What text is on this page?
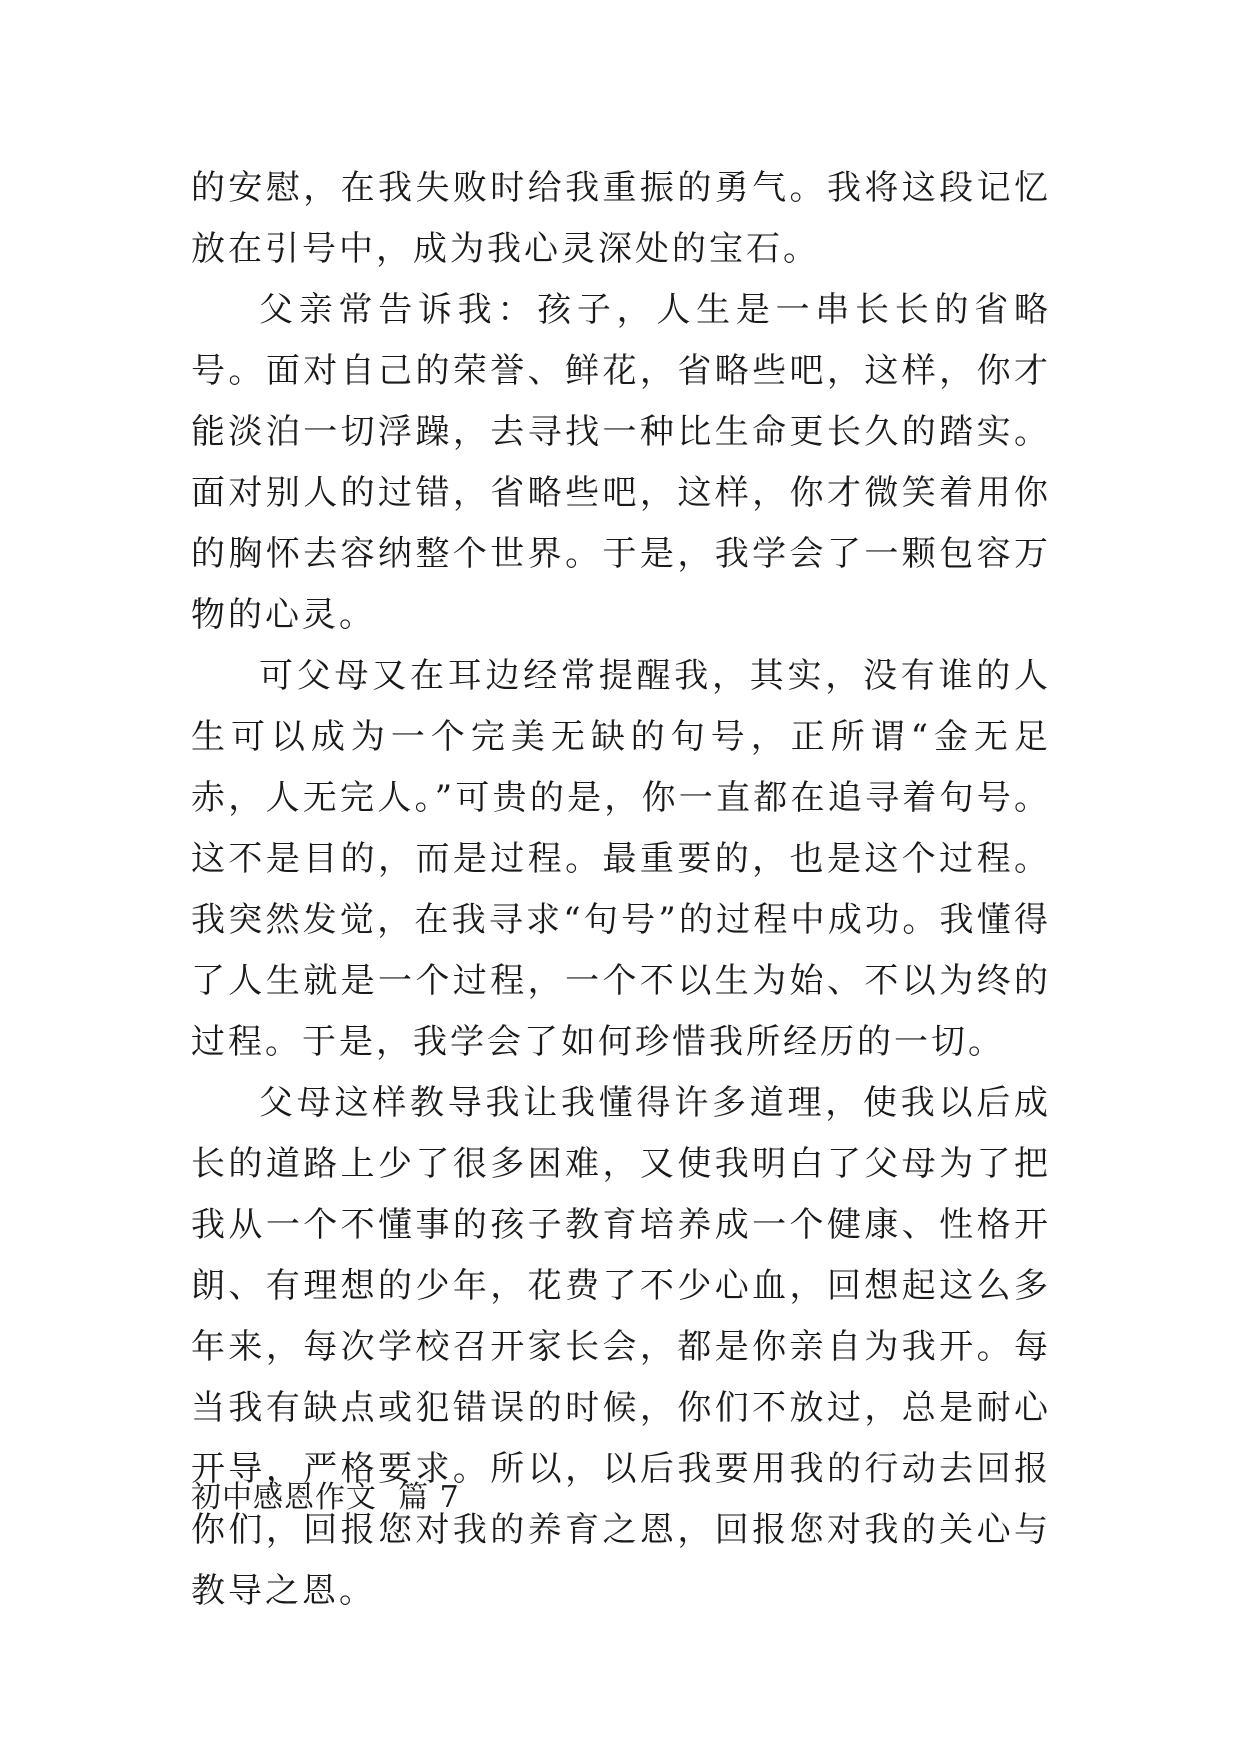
的安慰，在我失败时给我重振的勇气。我将这段记忆放在引号中，成为我心灵深处的宝石。

父亲常告诉我：孩子，人生是一串长长的省略号。面对自己的荣誉、鲜花，省略些吧，这样，你才能淡泊一切浮躁，去寻找一种比生命更长久的踏实。面对别人的过错，省略些吧，这样，你才微笑着用你的胸怀去容纳整个世界。于是，我学会了一颗包容万物的心灵。

可父母又在耳边经常提醒我，其实，没有谁的人生可以成为一个完美无缺的句号，正所谓“金无足赤，人无完人。”可贵的是，你一直都在追寻着句号。这不是目的，而是过程。最重要的，也是这个过程。我突然发觉，在我寻求“句号”的过程中成功。我懂得了人生就是一个过程，一个不以生为始、不以为终的过程。于是，我学会了如何珍惜我所经历的一切。

父母这样教导我让我懂得许多道理，使我以后成长的道路上少了很多困难，又使我明白了父母为了把我从一个不懂事的孩子教育培养成一个健康、性格开朗、有理想的少年，花费了不少心血，回想起这么多年来，每次学校召开家长会，都是你亲自为我开。每当我有缺点或犯错误的时候，你们不放过，总是耐心开导，严格要求。所以，以后我要用我的行动去回报你们，回报您对我的养育之恩，回报您对我的关心与教导之恩。

初中感恩作文  篇 7
